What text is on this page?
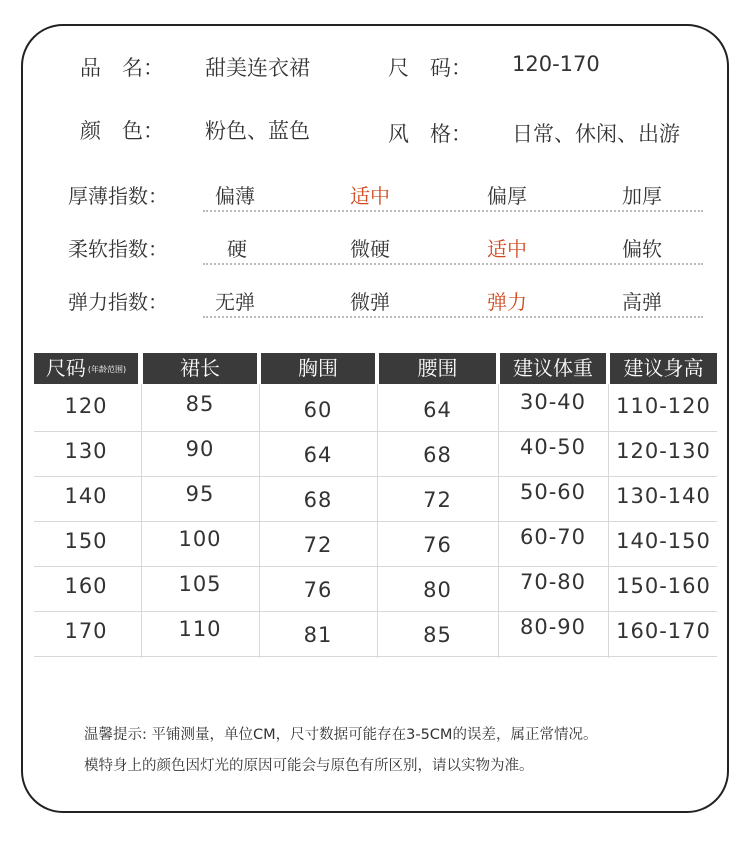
品　名： 甜美连衣裙	尺　码： 120-170
颜　色： 粉色、蓝色	风　格： 日常、休闲、出游
厚薄指数： 偏薄	适中	偏厚	加厚
柔软指数：	硬	微硬	适中	偏软
弹力指数： 无弹	微弹	弹力	高弹
尺码 (年龄范围)	裙长	胸围	腰围	建议体重	建议身高
120	85	60	64	30-40	110-120
130	90	64	68	40-50	120-130
140	95	68	72	50-60	130-140
150	100	72	76	60-70	140-150
160	105	76	80	70-80	150-160
170	110	81	85	80-90	160-170
温馨提示: 平铺测量，单位CM，尺寸数据可能存在3-5CM的误差，属正常情况。
模特身上的颜色因灯光的原因可能会与原色有所区别，请以实物为准。
